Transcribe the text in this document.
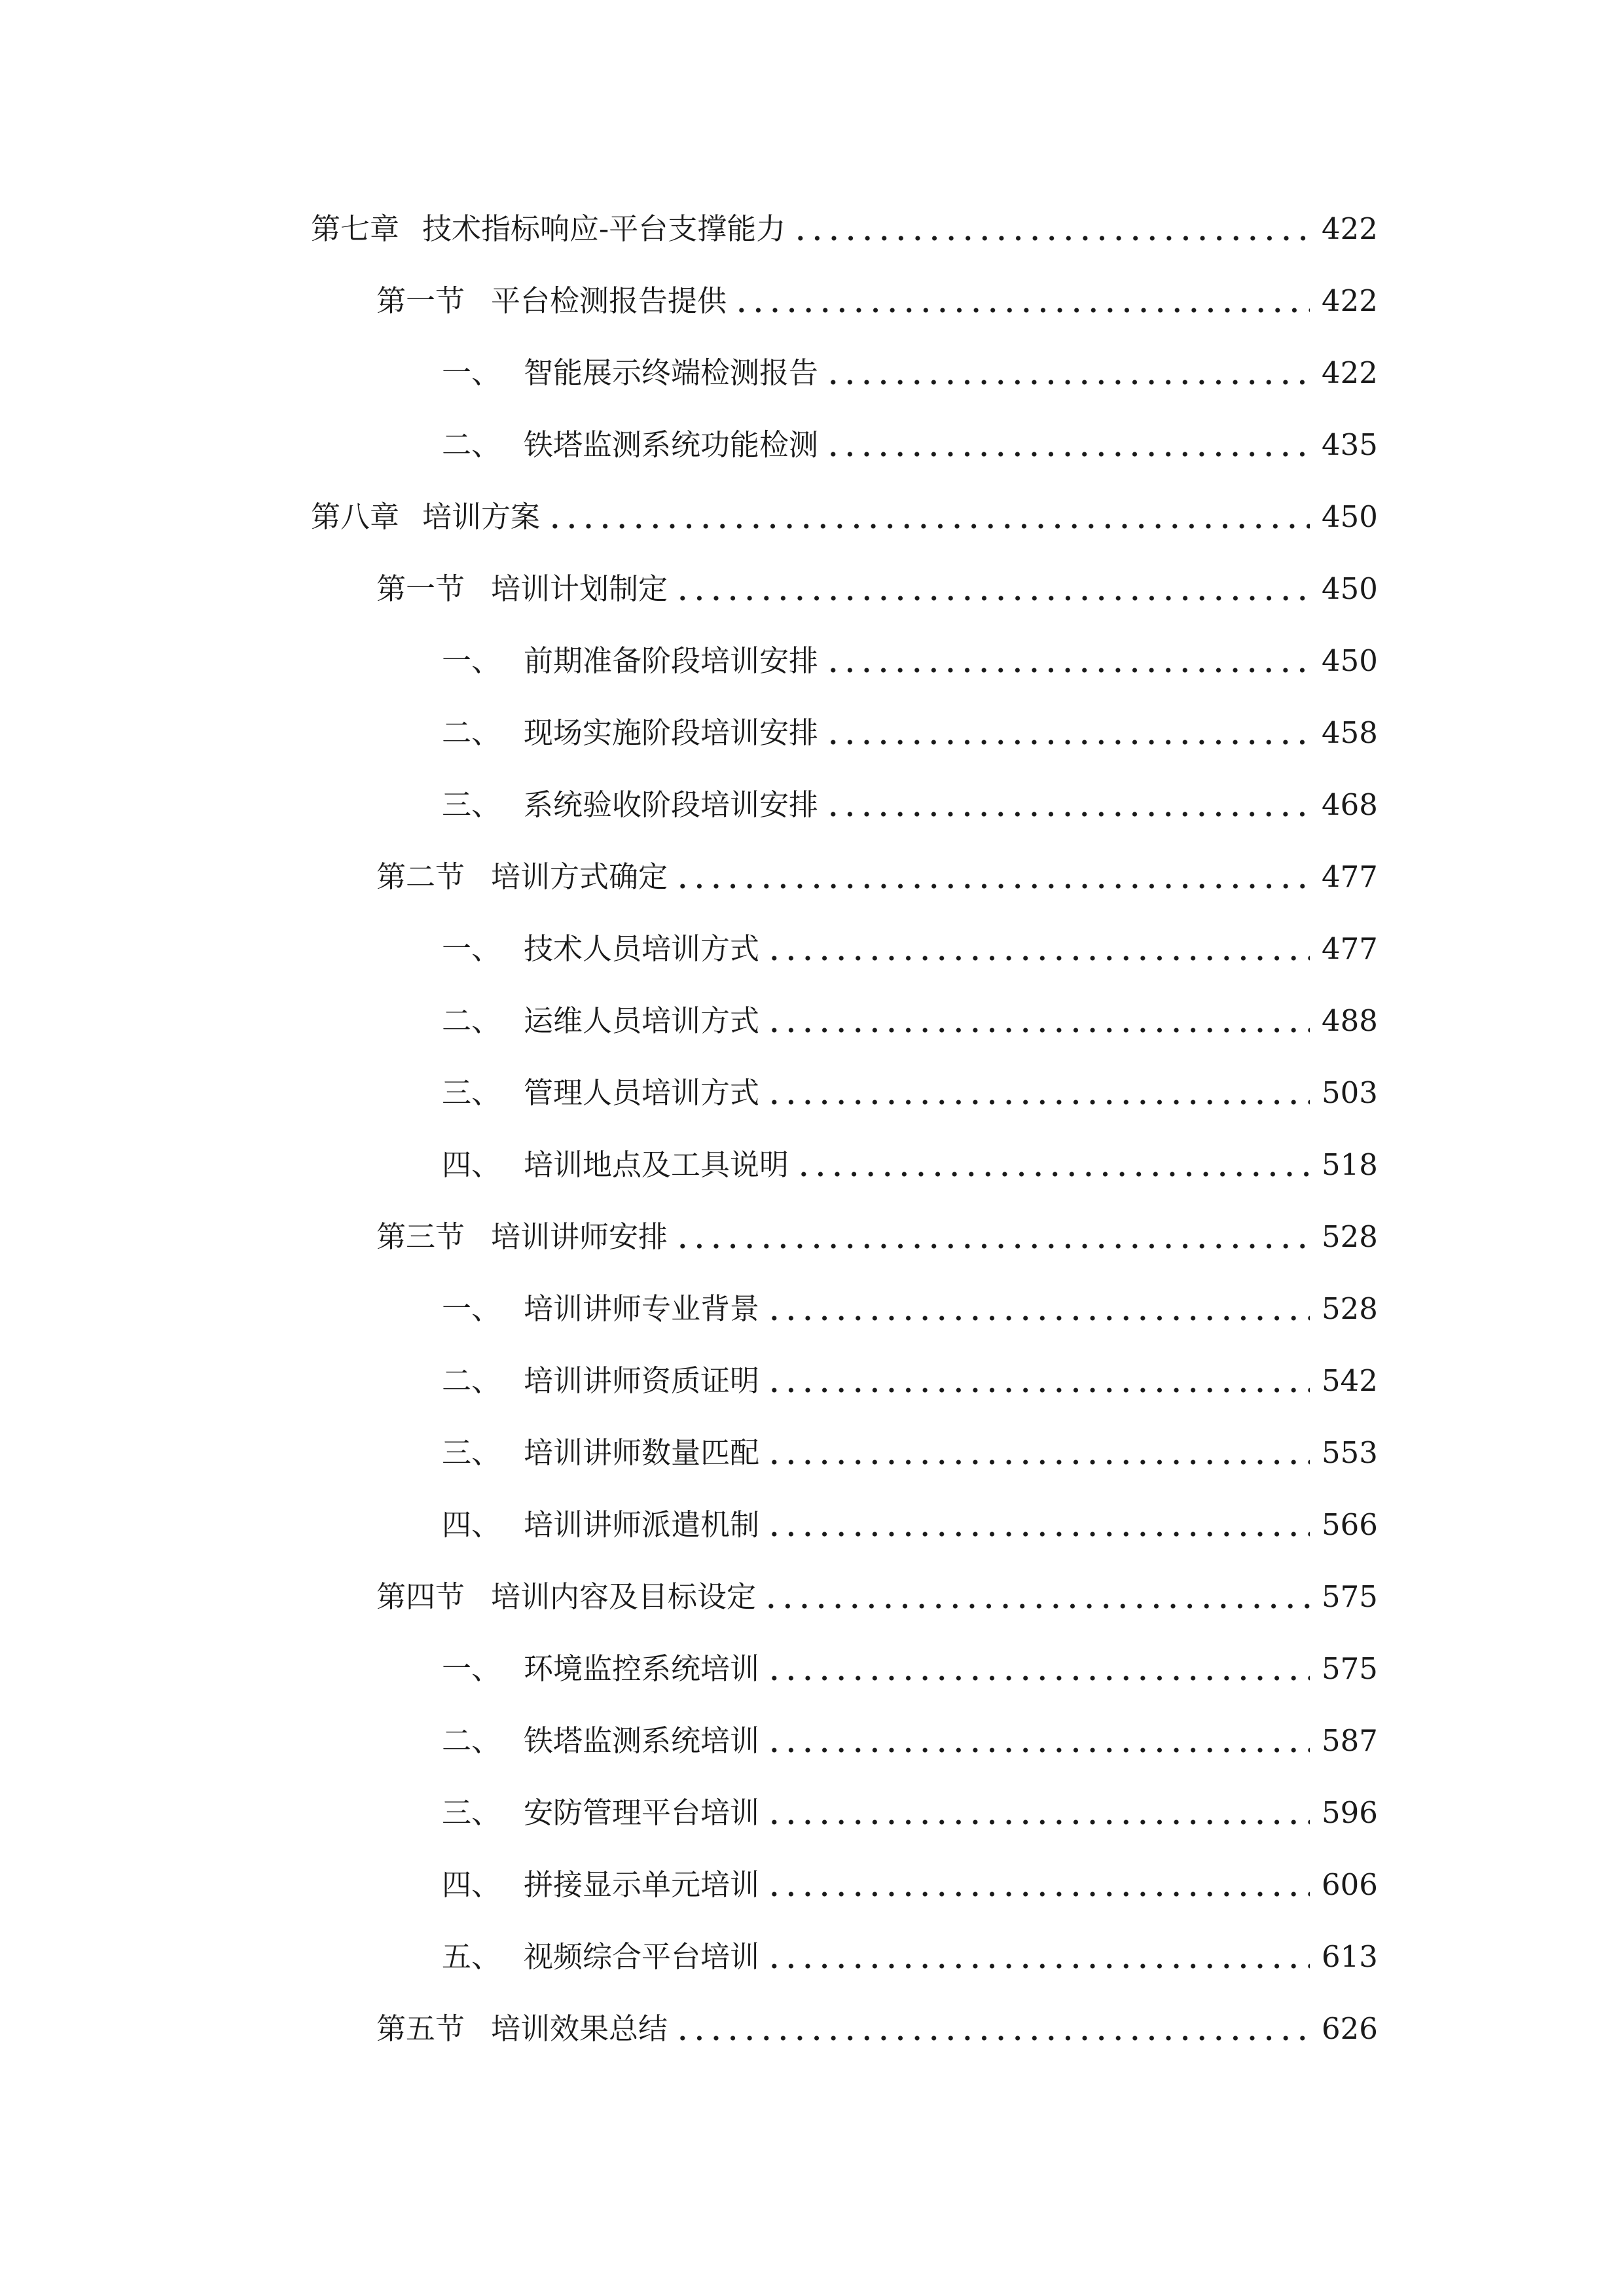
第七章 技术指标响应-平台支撑能力	422
第一节 平台检测报告提供	422
一、 智能展示终端检测报告	422
二、 铁塔监测系统功能检测	435
第八章 培训方案	450
第一节 培训计划制定	450
一、 前期准备阶段培训安排	450
二、 现场实施阶段培训安排	458
三、 系统验收阶段培训安排	468
第二节 培训方式确定	477
一、 技术人员培训方式	477
二、 运维人员培训方式	488
三、 管理人员培训方式	503
四、 培训地点及工具说明	518
第三节 培训讲师安排	528
一、 培训讲师专业背景	528
二、 培训讲师资质证明	542
三、 培训讲师数量匹配	553
四、 培训讲师派遣机制	566
第四节 培训内容及目标设定	575
一、 环境监控系统培训	575
二、 铁塔监测系统培训	587
三、 安防管理平台培训	596
四、 拼接显示单元培训	606
五、 视频综合平台培训	613
第五节 培训效果总结	626
